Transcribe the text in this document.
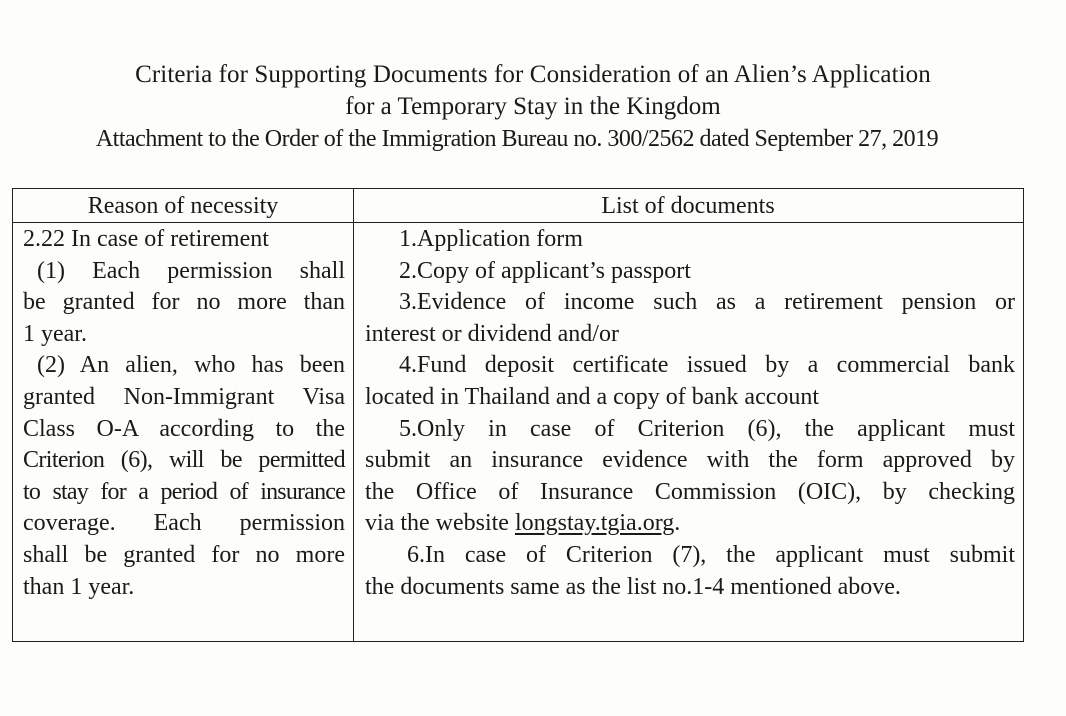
Criteria for Supporting Documents for Consideration of an Alien’s Application
for a Temporary Stay in the Kingdom
Attachment to the Order of the Immigration Bureau no. 300/2562 dated September 27, 2019
Reason of necessity	List of documents
2.22 In case of retirement
(1) Each permission shall
be granted for no more than
1 year.
(2) An alien, who has been
granted Non-Immigrant Visa
Class O-A according to the
Criterion (6), will be permitted
to stay for a period of insurance
coverage. Each permission
shall be granted for no more
than 1 year.
1.Application form
2.Copy of applicant’s passport
3.Evidence of income such as a retirement pension or
interest or dividend and/or
4.Fund deposit certificate issued by a commercial bank
located in Thailand and a copy of bank account
5.Only in case of Criterion (6), the applicant must
submit an insurance evidence with the form approved by
the Office of Insurance Commission (OIC), by checking
via the website longstay.tgia.org.
6.In case of Criterion (7), the applicant must submit
the documents same as the list no.1-4 mentioned above.
